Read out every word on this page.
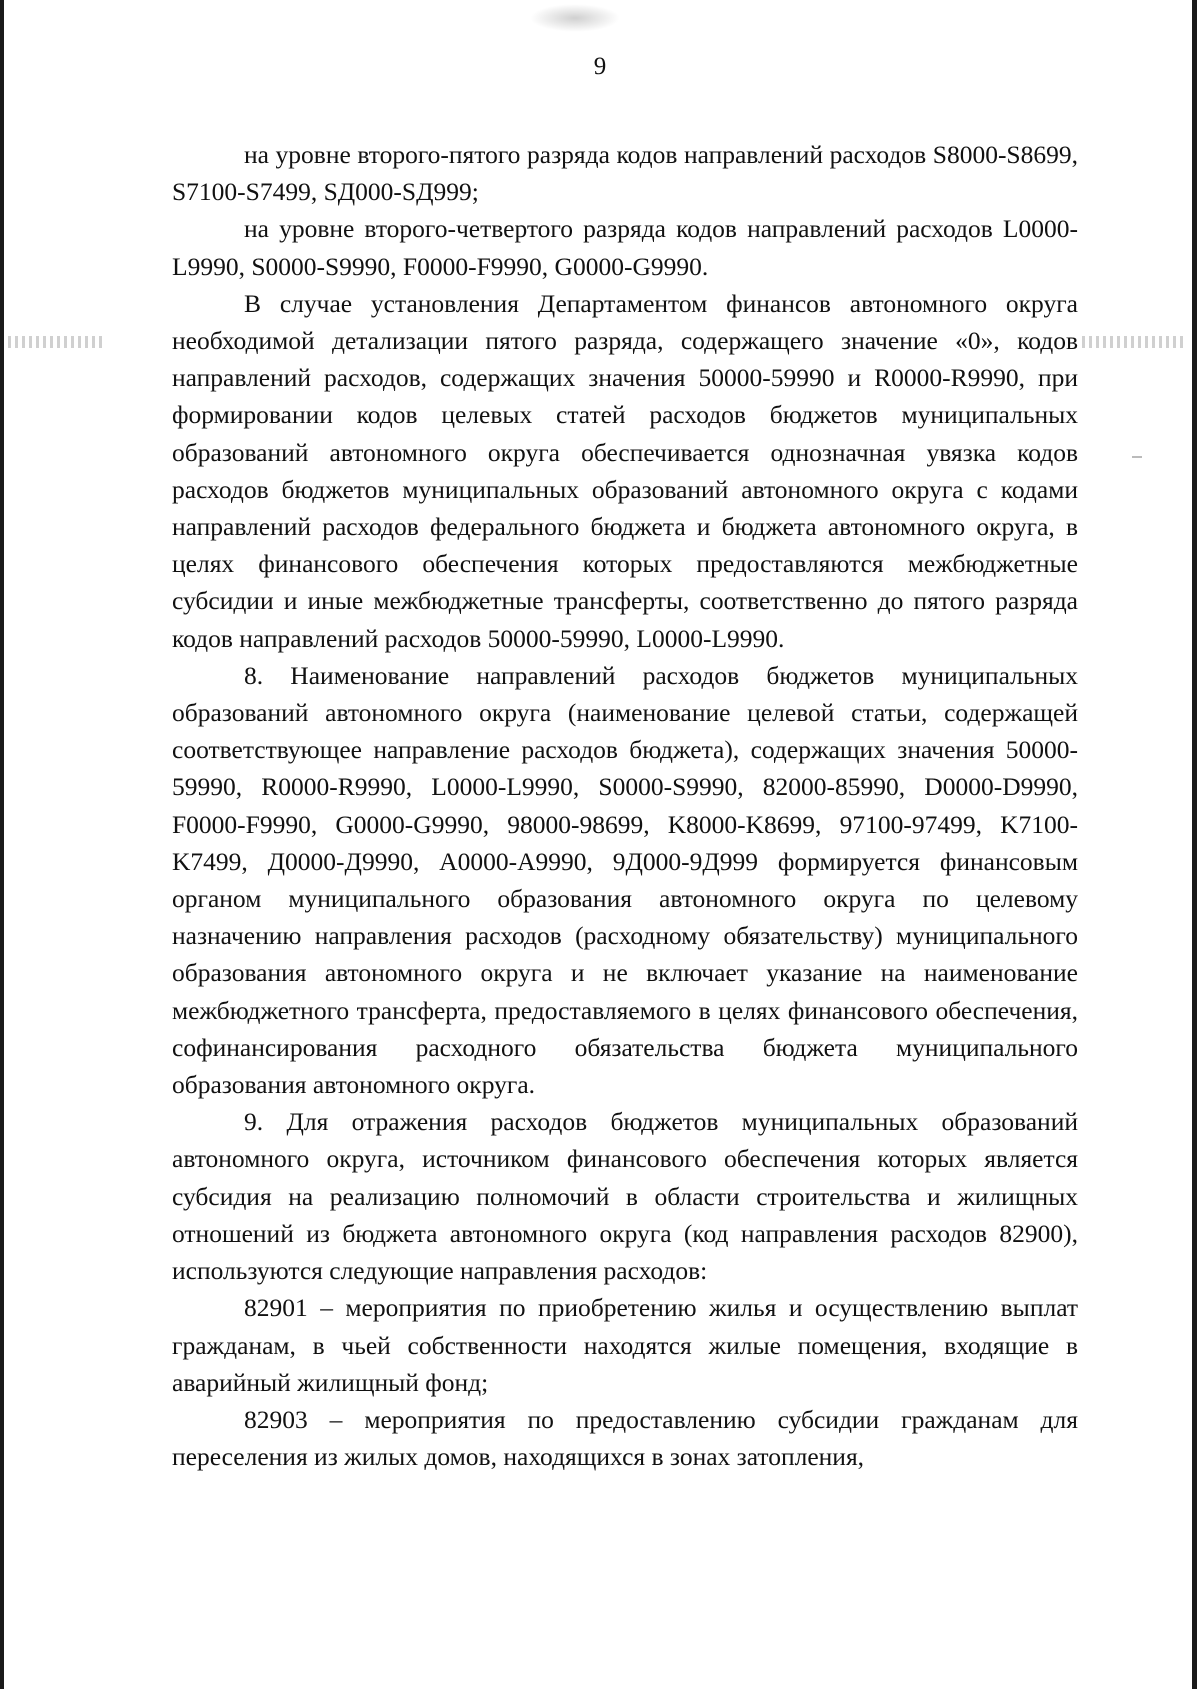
9

на уровне второго-пятого разряда кодов направлений расходов S8000-S8699, S7100-S7499, SД000-SД999;

на уровне второго-четвертого разряда кодов направлений расходов L0000-L9990, S0000-S9990, F0000-F9990, G0000-G9990.

В случае установления Департаментом финансов автономного округа необходимой детализации пятого разряда, содержащего значение «0», кодов направлений расходов, содержащих значения 50000-59990 и R0000-R9990, при формировании кодов целевых статей расходов бюджетов муниципальных образований автономного округа обеспечивается однозначная увязка кодов расходов бюджетов муниципальных образований автономного округа с кодами направлений расходов федерального бюджета и бюджета автономного округа, в целях финансового обеспечения которых предоставляются межбюджетные субсидии и иные межбюджетные трансферты, соответственно до пятого разряда кодов направлений расходов 50000-59990, L0000-L9990.

8. Наименование направлений расходов бюджетов муниципальных образований автономного округа (наименование целевой статьи, содержащей соответствующее направление расходов бюджета), содержащих значения 50000-59990, R0000-R9990, L0000-L9990, S0000-S9990, 82000-85990, D0000-D9990, F0000-F9990, G0000-G9990, 98000-98699, K8000-K8699, 97100-97499, K7100-K7499, Д0000-Д9990, A0000-A9990, 9Д000-9Д999 формируется финансовым органом муниципального образования автономного округа по целевому назначению направления расходов (расходному обязательству) муниципального образования автономного округа и не включает указание на наименование межбюджетного трансферта, предоставляемого в целях финансового обеспечения, софинансирования расходного обязательства бюджета муниципального образования автономного округа.

9. Для отражения расходов бюджетов муниципальных образований автономного округа, источником финансового обеспечения которых является субсидия на реализацию полномочий в области строительства и жилищных отношений из бюджета автономного округа (код направления расходов 82900), используются следующие направления расходов:

82901 – мероприятия по приобретению жилья и осуществлению выплат гражданам, в чьей собственности находятся жилые помещения, входящие в аварийный жилищный фонд;

82903 – мероприятия по предоставлению субсидии гражданам для переселения из жилых домов, находящихся в зонах затопления,
